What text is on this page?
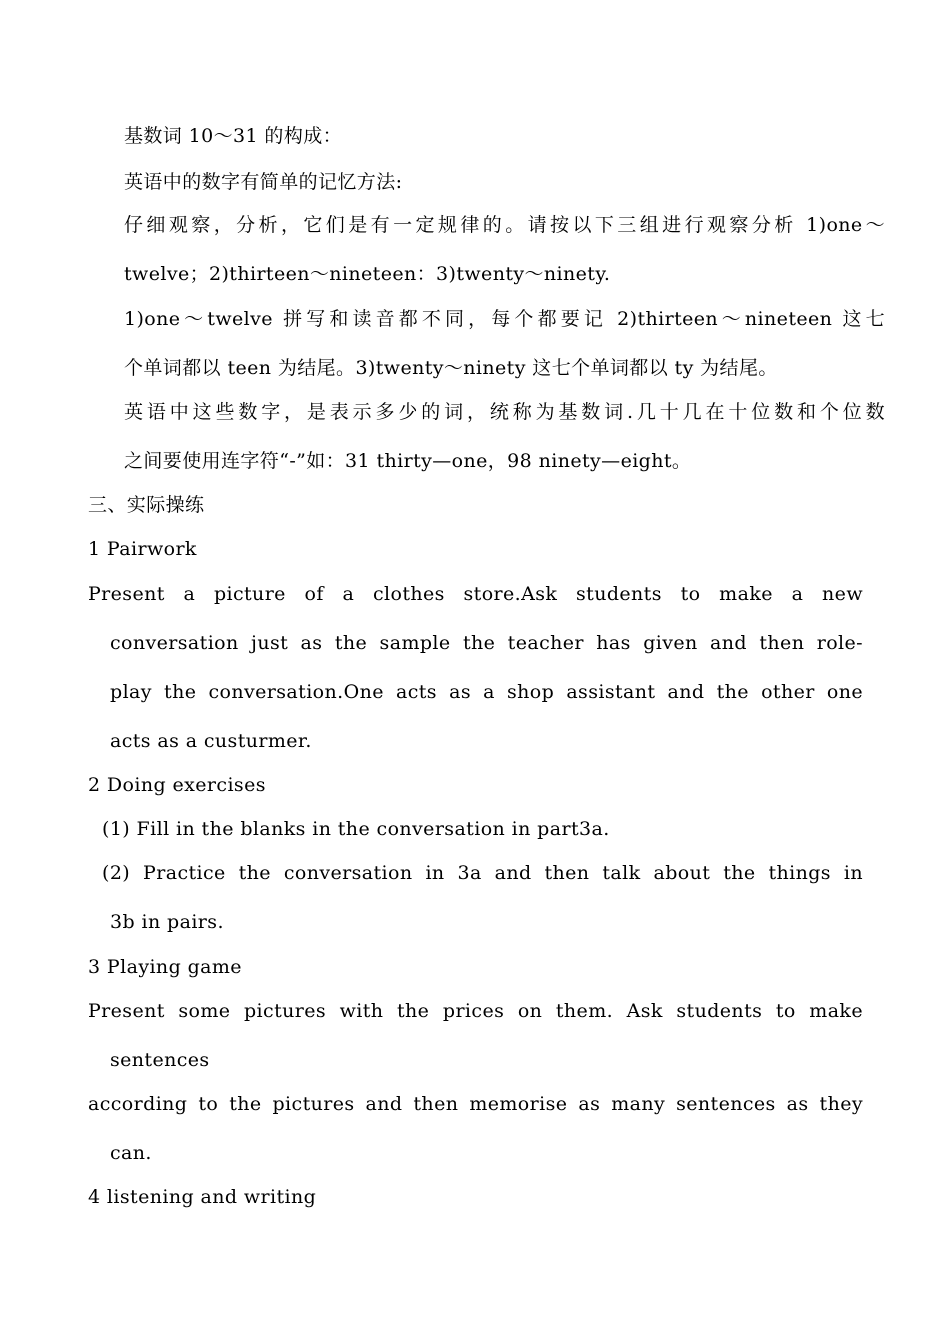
基数词 10～31 的构成：
英语中的数字有简单的记忆方法:
仔细观察，分析，它们是有一定规律的。请按以下三组进行观察分析 1)one～
twelve；2)thirteen～nineteen：3)twenty～ninety.
1)one～twelve 拼写和读音都不同，每个都要记 2)thirteen～nineteen 这七
个单词都以 teen 为结尾。3)twenty～ninety 这七个单词都以 ty 为结尾。
英语中这些数字，是表示多少的词，统称为基数词.几十几在十位数和个位数
之间要使用连字符“-”如：31 thirty—one，98 ninety—eight。
三、实际操练
1 Pairwork
Present a picture of a clothes store.Ask students to make a new
conversation just as the sample the teacher has given and then role-
play the conversation.One acts as a shop assistant and the other one
acts as a custurmer.
2 Doing exercises
(1) Fill in the blanks in the conversation in part3a.
(2) Practice the conversation in 3a and then talk about the things in
3b in pairs.
3 Playing game
Present some pictures with the prices on them. Ask students to make
sentences
according to the pictures and then memorise as many sentences as they
can.
4 listening and writing
